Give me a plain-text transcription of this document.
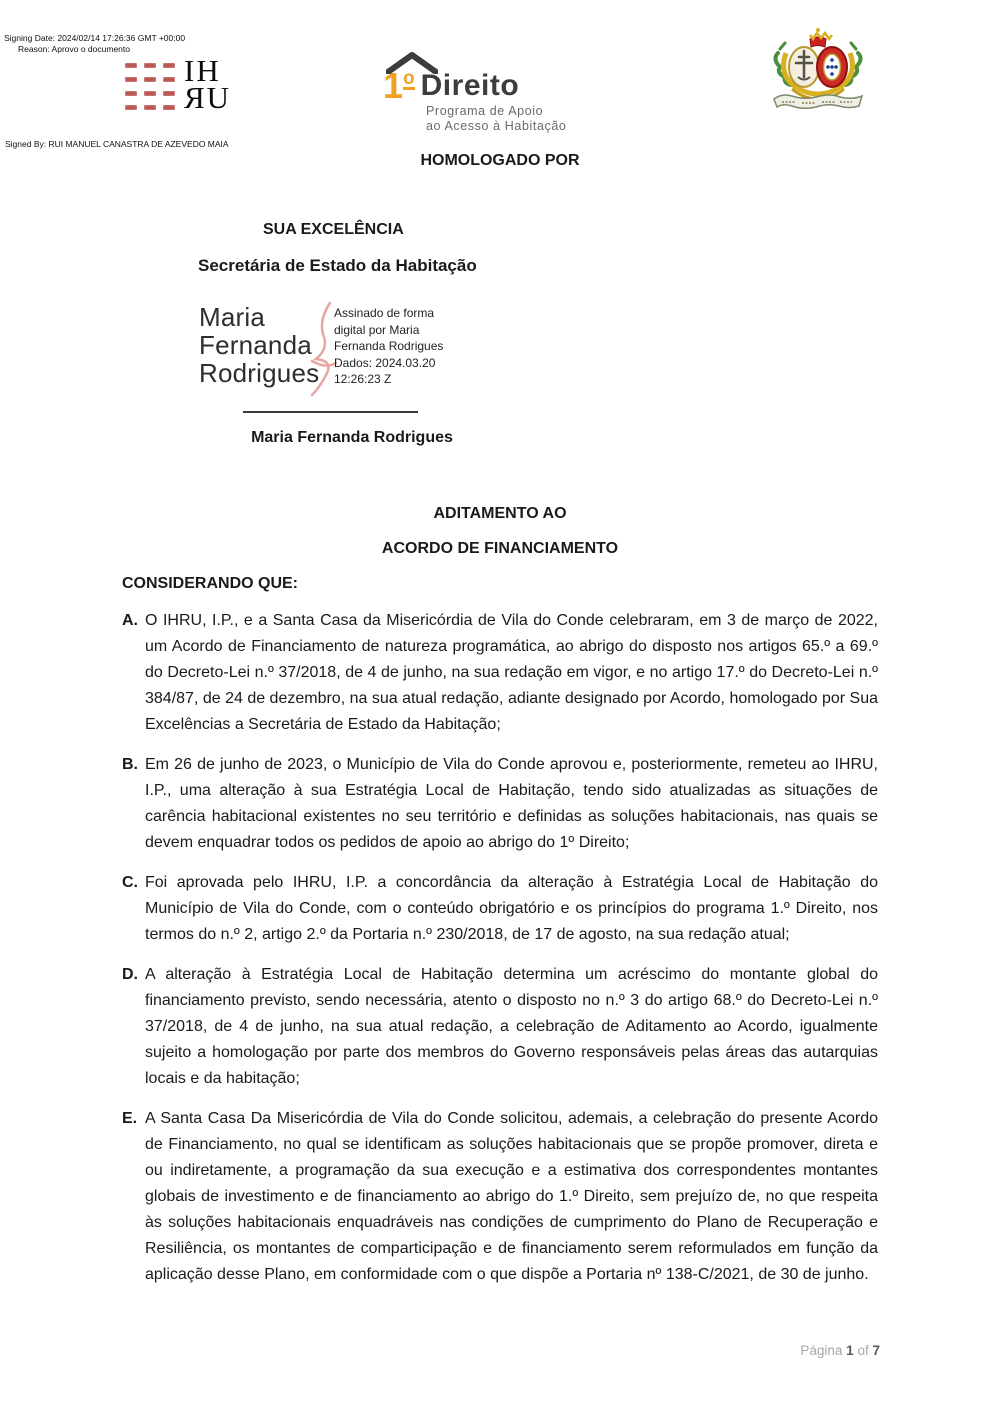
Signing Date: 2024/02/14 17:26:36 GMT +00:00
Reason: Aprovo o documento
Signed By: RUI MANUEL CANASTRA DE AZEVEDO MAIA
IH
ЯU	1o Direito
Programa de Apoio
ao Acesso à Habitação
HOMOLOGADO POR
SUA EXCELÊNCIA
Secretária de Estado da Habitação
Maria
Fernanda
Rodrigues
Assinado de forma
digital por Maria
Fernanda Rodrigues
Dados: 2024.03.20
12:26:23 Z
Maria Fernanda Rodrigues
ADITAMENTO AO
ACORDO DE FINANCIAMENTO
CONSIDERANDO QUE:
A. O IHRU, I.P., e a Santa Casa da Misericórdia de Vila do Conde celebraram, em 3 de março de 2022, um Acordo de Financiamento de natureza programática, ao abrigo do disposto nos artigos 65.º a 69.º do Decreto-Lei n.º 37/2018, de 4 de junho, na sua redação em vigor, e no artigo 17.º do Decreto-Lei n.º 384/87, de 24 de dezembro, na sua atual redação, adiante designado por Acordo, homologado por Sua Excelências a Secretária de Estado da Habitação;
B. Em 26 de junho de 2023, o Município de Vila do Conde aprovou e, posteriormente, remeteu ao IHRU, I.P., uma alteração à sua Estratégia Local de Habitação, tendo sido atualizadas as situações de carência habitacional existentes no seu território e definidas as soluções habitacionais, nas quais se devem enquadrar todos os pedidos de apoio ao abrigo do 1º Direito;
C. Foi aprovada pelo IHRU, I.P. a concordância da alteração à Estratégia Local de Habitação do Município de Vila do Conde, com o conteúdo obrigatório e os princípios do programa 1.º Direito, nos termos do n.º 2, artigo 2.º da Portaria n.º 230/2018, de 17 de agosto, na sua redação atual;
D. A alteração à Estratégia Local de Habitação determina um acréscimo do montante global do financiamento previsto, sendo necessária, atento o disposto no n.º 3 do artigo 68.º do Decreto-Lei n.º 37/2018, de 4 de junho, na sua atual redação, a celebração de Aditamento ao Acordo, igualmente sujeito a homologação por parte dos membros do Governo responsáveis pelas áreas das autarquias locais e da habitação;
E. A Santa Casa Da Misericórdia de Vila do Conde solicitou, ademais, a celebração do presente Acordo de Financiamento, no qual se identificam as soluções habitacionais que se propõe promover, direta e ou indiretamente, a programação da sua execução e a estimativa dos correspondentes montantes globais de investimento e de financiamento ao abrigo do 1.º Direito, sem prejuízo de, no que respeita às soluções habitacionais enquadráveis nas condições de cumprimento do Plano de Recuperação e Resiliência, os montantes de comparticipação e de financiamento serem reformulados em função da aplicação desse Plano, em conformidade com o que dispõe a Portaria nº 138-C/2021, de 30 de junho.
Página 1 of 7
